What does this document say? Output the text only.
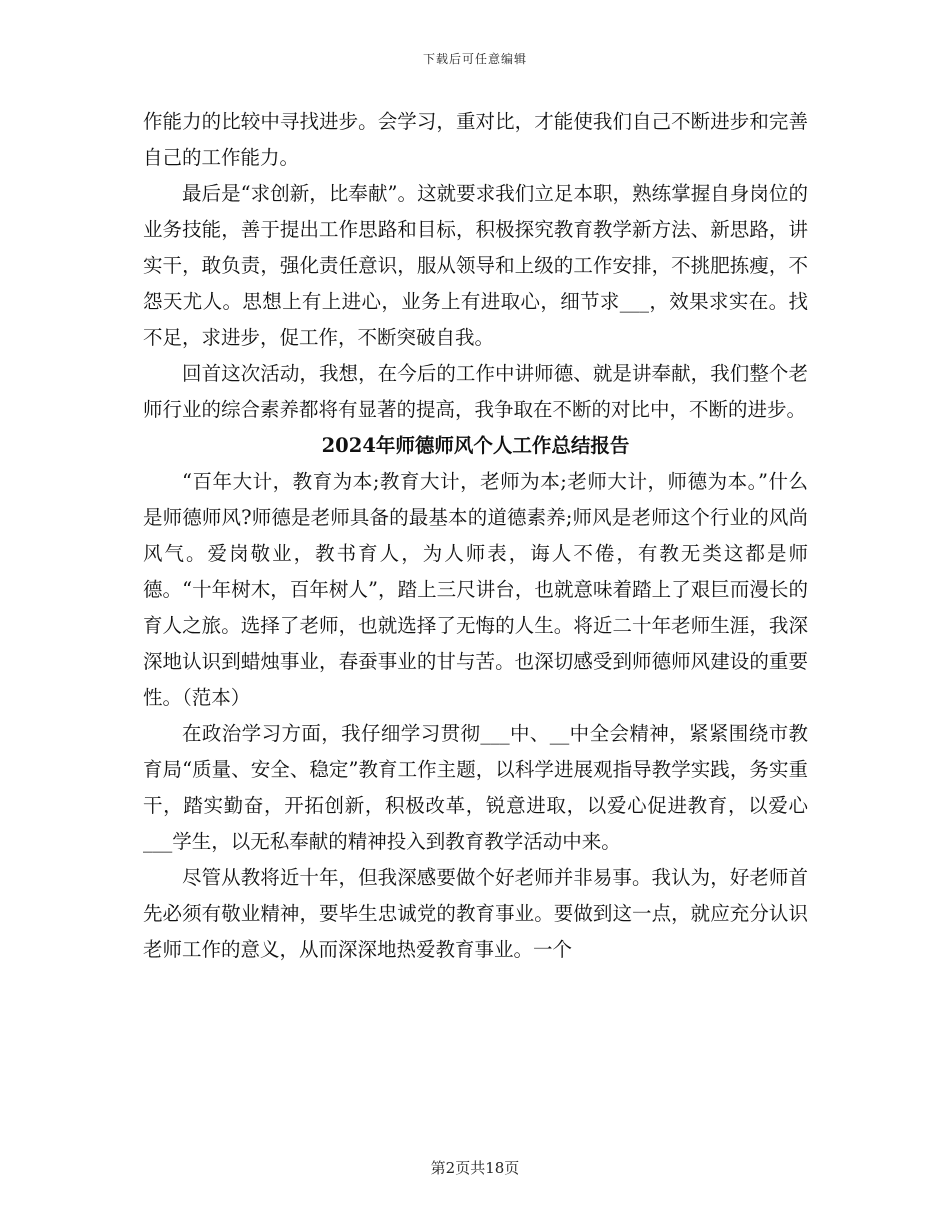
下载后可任意编辑

作能力的比较中寻找进步。会学习，重对比，才能使我们自己不断进步和完善自己的工作能力。

最后是“求创新，比奉献”。这就要求我们立足本职，熟练掌握自身岗位的业务技能，善于提出工作思路和目标，积极探究教育教学新方法、新思路，讲实干，敢负责，强化责任意识，服从领导和上级的工作安排，不挑肥拣瘦，不怨天尤人。思想上有上进心，业务上有进取心，细节求___，效果求实在。找不足，求进步，促工作，不断突破自我。

回首这次活动，我想，在今后的工作中讲师德、就是讲奉献，我们整个老师行业的综合素养都将有显著的提高，我争取在不断的对比中，不断的进步。

2024年师德师风个人工作总结报告

“百年大计，教育为本;教育大计，老师为本;老师大计，师德为本。”什么是师德师风?师德是老师具备的最基本的道德素养;师风是老师这个行业的风尚风气。爱岗敬业，教书育人，为人师表，诲人不倦，有教无类这都是师德。“十年树木，百年树人”，踏上三尺讲台，也就意味着踏上了艰巨而漫长的育人之旅。选择了老师，也就选择了无悔的人生。将近二十年老师生涯，我深深地认识到蜡烛事业，春蚕事业的甘与苦。也深切感受到师德师风建设的重要性。（范本）

在政治学习方面，我仔细学习贯彻___中、__中全会精神，紧紧围绕市教育局“质量、安全、稳定”教育工作主题，以科学进展观指导教学实践，务实重干，踏实勤奋，开拓创新，积极改革，锐意进取，以爱心促进教育，以爱心___学生，以无私奉献的精神投入到教育教学活动中来。

尽管从教将近十年，但我深感要做个好老师并非易事。我认为，好老师首先必须有敬业精神，要毕生忠诚党的教育事业。要做到这一点，就应充分认识老师工作的意义，从而深深地热爱教育事业。一个

第2页共18页
